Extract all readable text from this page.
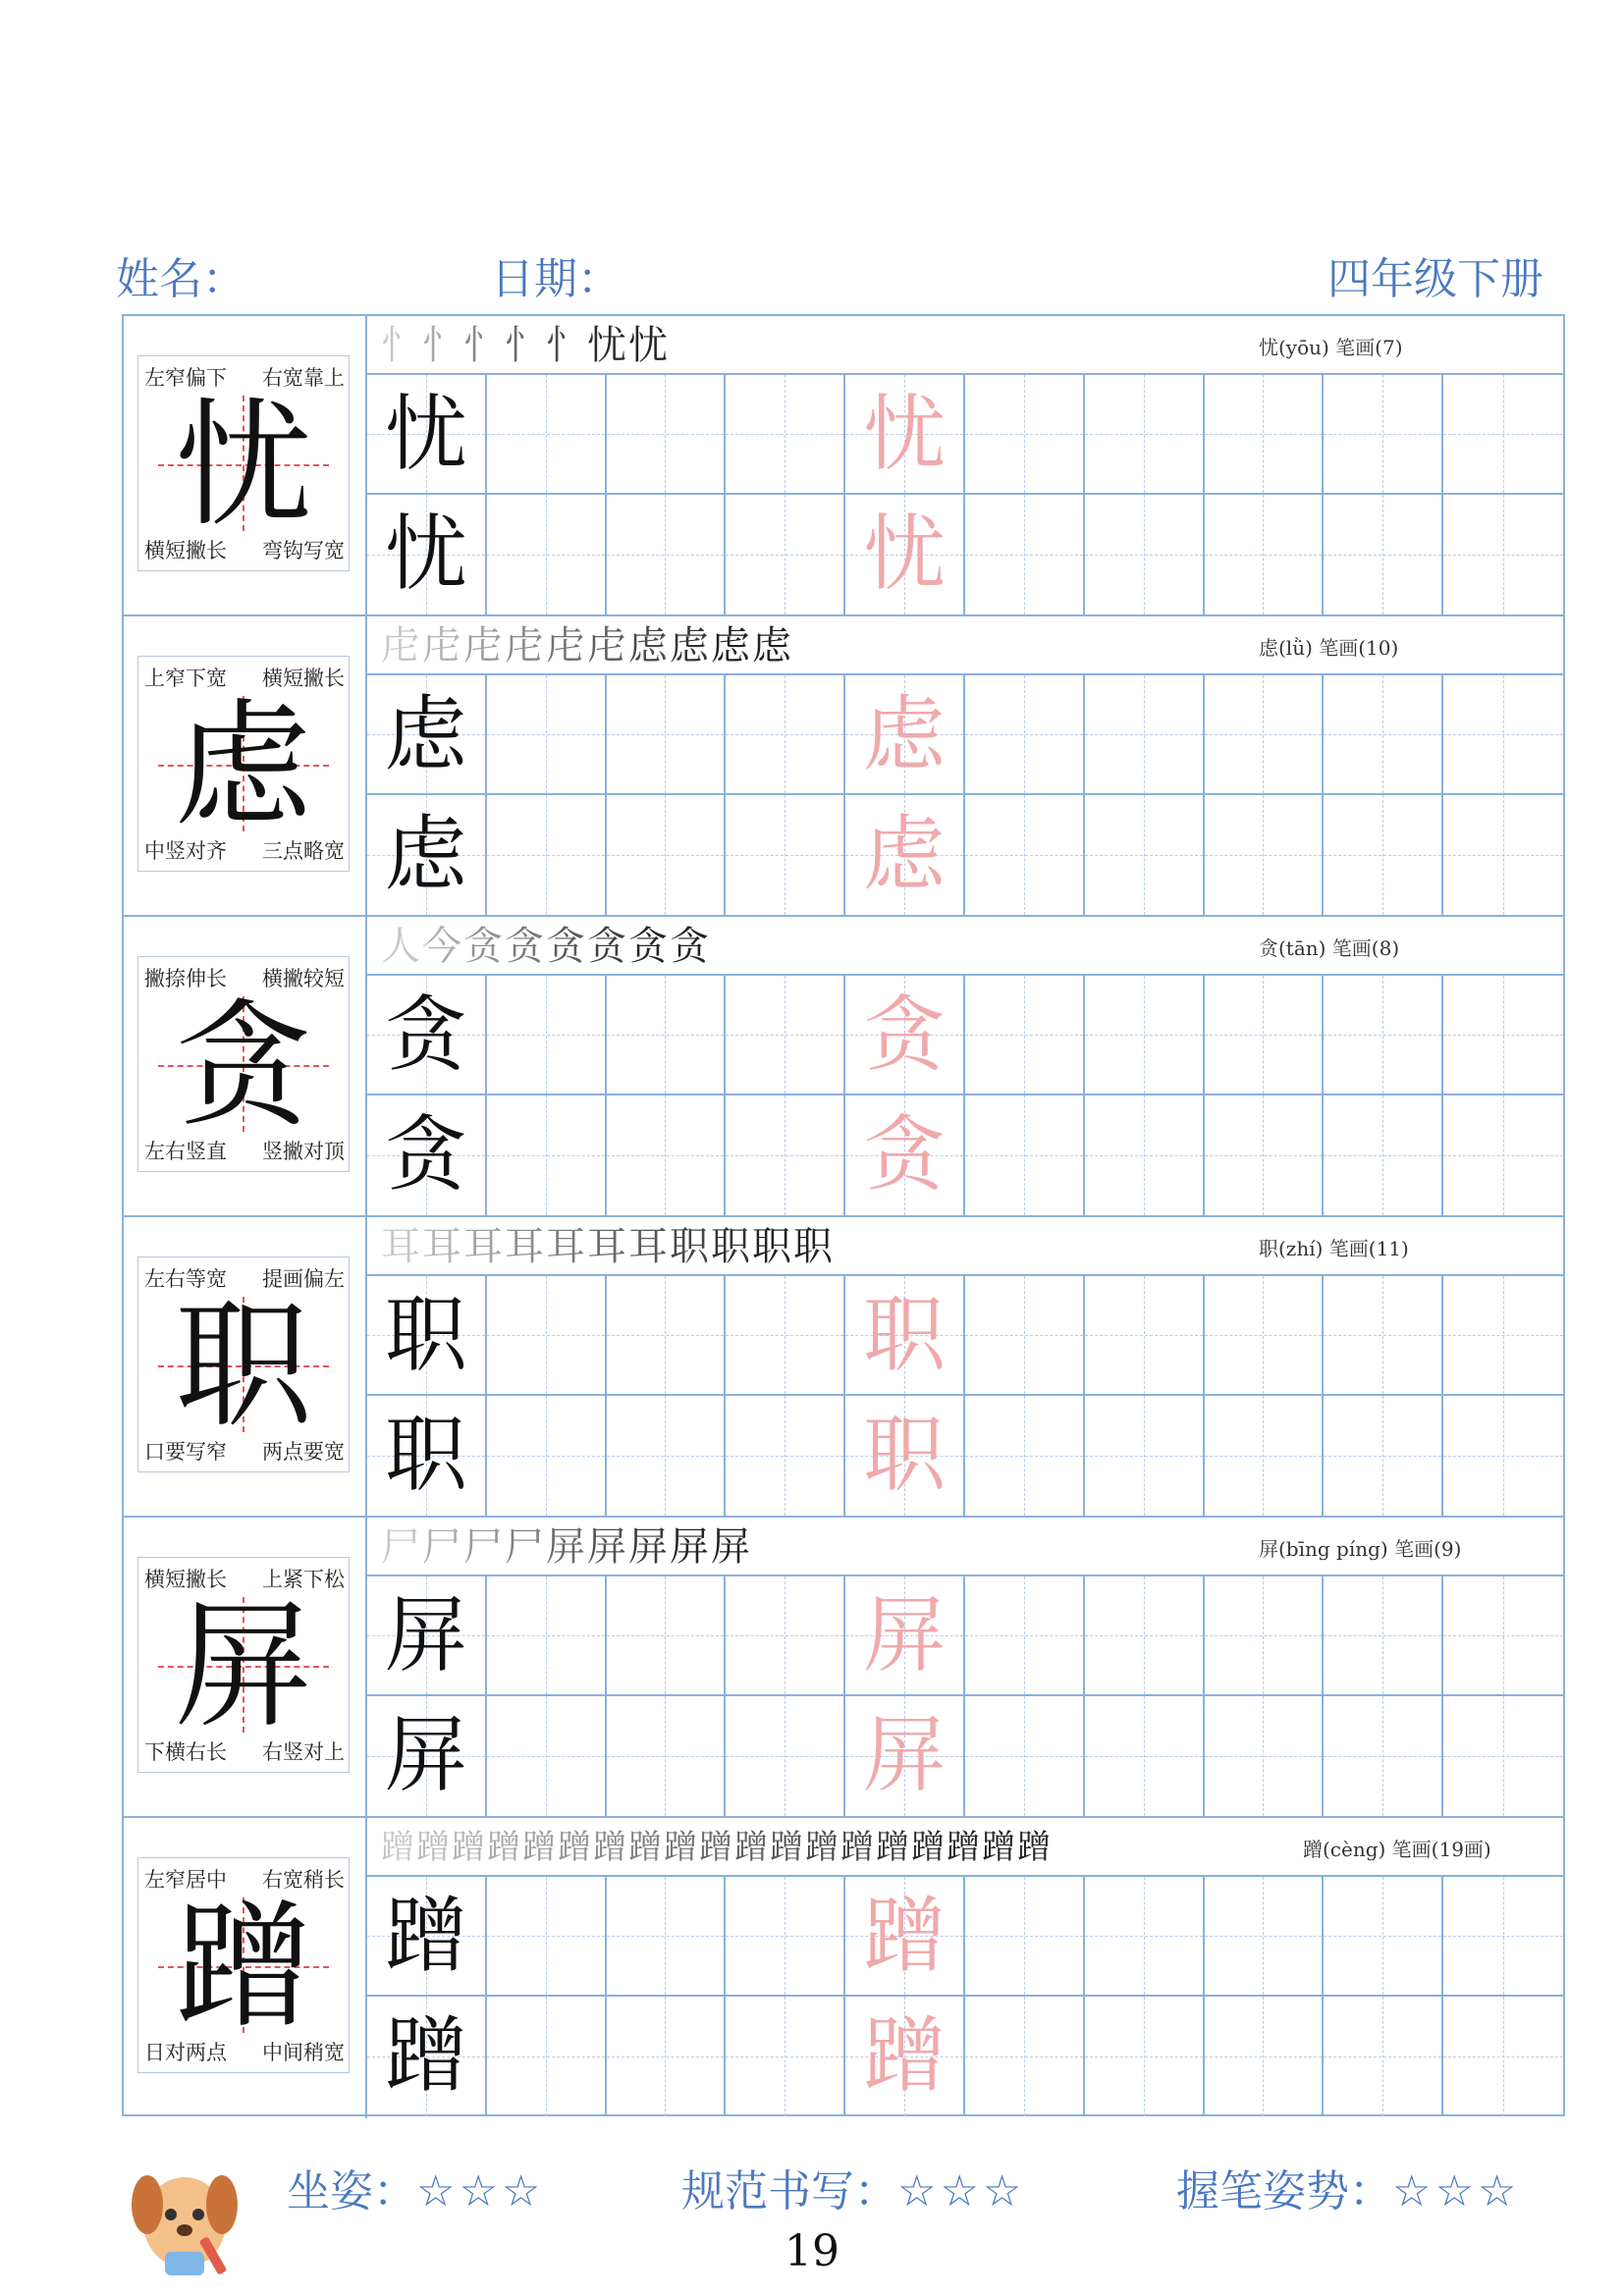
姓名：	日期：	四年级下册
左窄偏下 右宽靠上
横短撇长 弯钩写宽
忧
忄忄忄忄忄忧忧	忧(yōu) 笔画(7)
忧	忧
忧	忧
上窄下宽 横短撇长
中竖对齐 三点略宽
虑
虍虍虍虍虍虍虑虑虑虑	虑(lǜ) 笔画(10)
虑	虑
虑	虑
撇捺伸长 横撇较短
左右竖直 竖撇对顶
贪
人今贪贪贪贪贪贪	贪(tān) 笔画(8)
贪	贪
贪	贪
左右等宽 提画偏左
口要写窄 两点要宽
职
耳耳耳耳耳耳耳职职职职	职(zhí) 笔画(11)
职	职
职	职
横短撇长 上紧下松
下横右长 右竖对上
屏
尸尸尸尸屏屏屏屏屏	屏(bīng píng) 笔画(9)
屏	屏
屏	屏
左窄居中 右宽稍长
日对两点 中间稍宽
蹭
蹭蹭蹭蹭蹭蹭蹭蹭蹭蹭蹭蹭蹭蹭蹭蹭蹭蹭蹭	蹭(cèng) 笔画(19画)
蹭	蹭
蹭	蹭
坐姿：☆☆☆	规范书写：☆☆☆	握笔姿势：☆☆☆
19
